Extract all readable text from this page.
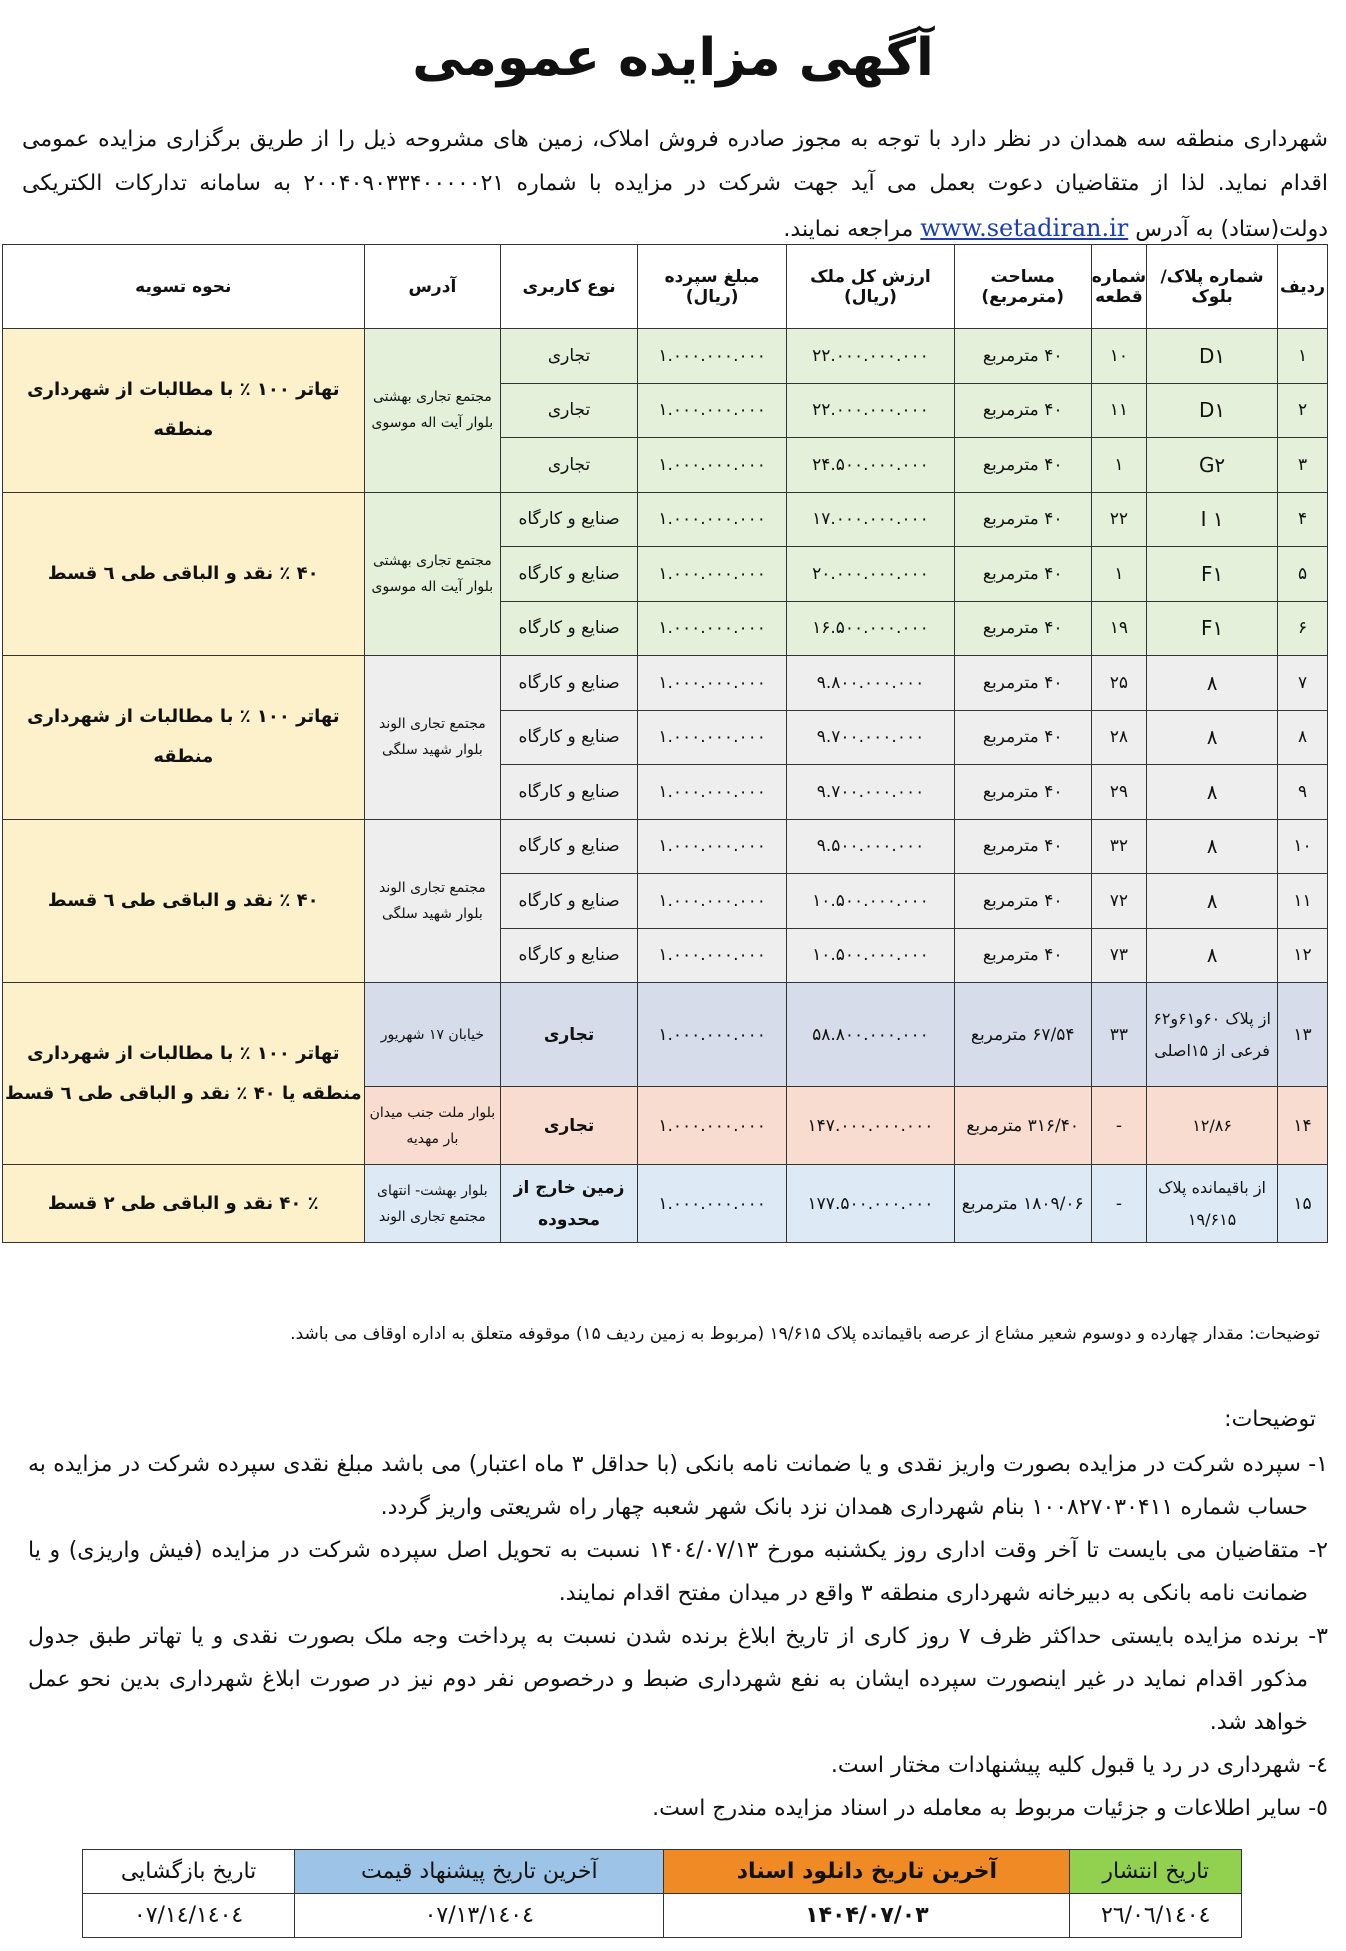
آگهی مزایده عمومی
شهرداری منطقه سه همدان در نظر دارد با توجه به مجوز صادره فروش املاک، زمین های مشروحه ذیل را از طریق برگزاری مزایده عمومی اقدام نماید. لذا از متقاضیان دعوت بعمل می آید جهت شرکت در مزایده با شماره ۲۰۰۴۰۹۰۳۳۴۰۰۰۰۰۲۱ به سامانه تدارکات الکتریکی دولت(ستاد) به آدرس www.setadiran.ir مراجعه نمایند.
ردیف	شماره پلاک/بلوک	شماره قطعه	مساحت (مترمربع)	ارزش کل ملک (ریال)	مبلغ سپرده (ریال)	نوع کاربری	آدرس	نحوه تسویه
۱	D۱	۱۰	۴۰ مترمربع	۲۲.۰۰۰.۰۰۰.۰۰۰	۱.۰۰۰.۰۰۰.۰۰۰	تجاری	مجتمع تجاری بهشتی بلوار آیت اله موسوی	تهاتر ۱۰۰ ٪ با مطالبات از شهرداری منطقه
۲	D۱	۱۱	۴۰ مترمربع	۲۲.۰۰۰.۰۰۰.۰۰۰	۱.۰۰۰.۰۰۰.۰۰۰	تجاری		
۳	G۲	۱	۴۰ مترمربع	۲۴.۵۰۰.۰۰۰.۰۰۰	۱.۰۰۰.۰۰۰.۰۰۰	تجاری		
۴	I ۱	۲۲	۴۰ مترمربع	۱۷.۰۰۰.۰۰۰.۰۰۰	۱.۰۰۰.۰۰۰.۰۰۰	صنایع و کارگاه	مجتمع تجاری بهشتی بلوار آیت اله موسوی	۴۰ ٪ نقد و الباقی طی ٦ قسط
۵	F۱	۱	۴۰ مترمربع	۲۰.۰۰۰.۰۰۰.۰۰۰	۱.۰۰۰.۰۰۰.۰۰۰	صنایع و کارگاه		
۶	F۱	۱۹	۴۰ مترمربع	۱۶.۵۰۰.۰۰۰.۰۰۰	۱.۰۰۰.۰۰۰.۰۰۰	صنایع و کارگاه		
۷	۸	۲۵	۴۰ مترمربع	۹.۸۰۰.۰۰۰.۰۰۰	۱.۰۰۰.۰۰۰.۰۰۰	صنایع و کارگاه	مجتمع تجاری الوند بلوار شهید سلگی	تهاتر ۱۰۰ ٪ با مطالبات از شهرداری منطقه
۸	۸	۲۸	۴۰ مترمربع	۹.۷۰۰.۰۰۰.۰۰۰	۱.۰۰۰.۰۰۰.۰۰۰	صنایع و کارگاه		
۹	۸	۲۹	۴۰ مترمربع	۹.۷۰۰.۰۰۰.۰۰۰	۱.۰۰۰.۰۰۰.۰۰۰	صنایع و کارگاه		
۱۰	۸	۳۲	۴۰ مترمربع	۹.۵۰۰.۰۰۰.۰۰۰	۱.۰۰۰.۰۰۰.۰۰۰	صنایع و کارگاه	مجتمع تجاری الوند بلوار شهید سلگی	۴۰ ٪ نقد و الباقی طی ٦ قسط
۱۱	۸	۷۲	۴۰ مترمربع	۱۰.۵۰۰.۰۰۰.۰۰۰	۱.۰۰۰.۰۰۰.۰۰۰	صنایع و کارگاه		
۱۲	۸	۷۳	۴۰ مترمربع	۱۰.۵۰۰.۰۰۰.۰۰۰	۱.۰۰۰.۰۰۰.۰۰۰	صنایع و کارگاه		
۱۳	از پلاک ۶۰و۶۱و۶۲ فرعی از ۱۵اصلی	۳۳	۶۷/۵۴ مترمربع	۵۸.۸۰۰.۰۰۰.۰۰۰	۱.۰۰۰.۰۰۰.۰۰۰	تجاری	خیابان ۱۷ شهریور	تهاتر ۱۰۰ ٪ با مطالبات از شهرداری منطقه یا ۴۰ ٪ نقد و الباقی طی ٦ قسط
۱۴	۱۲/۸۶	-	۳۱۶/۴۰ مترمربع	۱۴۷.۰۰۰.۰۰۰.۰۰۰	۱.۰۰۰.۰۰۰.۰۰۰	تجاری	بلوار ملت جنب میدان بار مهدیه	
۱۵	از باقیمانده پلاک ۱۹/۶۱۵	-	۱۸۰۹/۰۶ مترمربع	۱۷۷.۵۰۰.۰۰۰.۰۰۰	۱.۰۰۰.۰۰۰.۰۰۰	زمین خارج از محدوده	بلوار بهشت- انتهای مجتمع تجاری الوند	٪ ۴۰ نقد و الباقی طی ۲ قسط
توضیحات: مقدار چهارده و دوسوم شعیر مشاع از عرصه باقیمانده پلاک ۱۹/۶۱۵ (مربوط به زمین ردیف ۱۵) موقوفه متعلق به اداره اوقاف می باشد.
توضیحات:

۱- سپرده شرکت در مزایده بصورت واریز نقدی و یا ضمانت نامه بانکی (با حداقل ۳ ماه اعتبار) می باشد مبلغ نقدی سپرده شرکت در مزایده به حساب شماره ۱۰۰۸۲۷۰۳۰۴۱۱ بنام شهرداری همدان نزد بانک شهر شعبه چهار راه شریعتی واریز گردد.

۲- متقاضیان می بایست تا آخر وقت اداری روز یکشنبه مورخ ۱۴۰٤/۰۷/۱۳ نسبت به تحویل اصل سپرده شرکت در مزایده (فیش واریزی) و یا ضمانت نامه بانکی به دبیرخانه شهرداری منطقه ۳ واقع در میدان مفتح اقدام نمایند.

۳- برنده مزایده بایستی حداکثر ظرف ۷ روز کاری از تاریخ ابلاغ برنده شدن نسبت به پرداخت وجه ملک بصورت نقدی و یا تهاتر طبق جدول مذکور اقدام نماید در غیر اینصورت سپرده ایشان به نفع شهرداری ضبط و درخصوص نفر دوم نیز در صورت ابلاغ شهرداری بدین نحو عمل خواهد شد.

٤- شهرداری در رد یا قبول کلیه پیشنهادات مختار است.

٥- سایر اطلاعات و جزئیات مربوط به معامله در اسناد مزایده مندرج است.

تاریخ انتشار	آخرین تاریخ دانلود اسناد	آخرین تاریخ پیشنهاد قیمت	تاریخ بازگشایی
۱٤۰٤/۰٦/۲٦	۱۴۰۴/۰۷/۰۳	۱٤۰٤/۰۷/۱۳	۱٤۰٤/۰۷/۱٤
